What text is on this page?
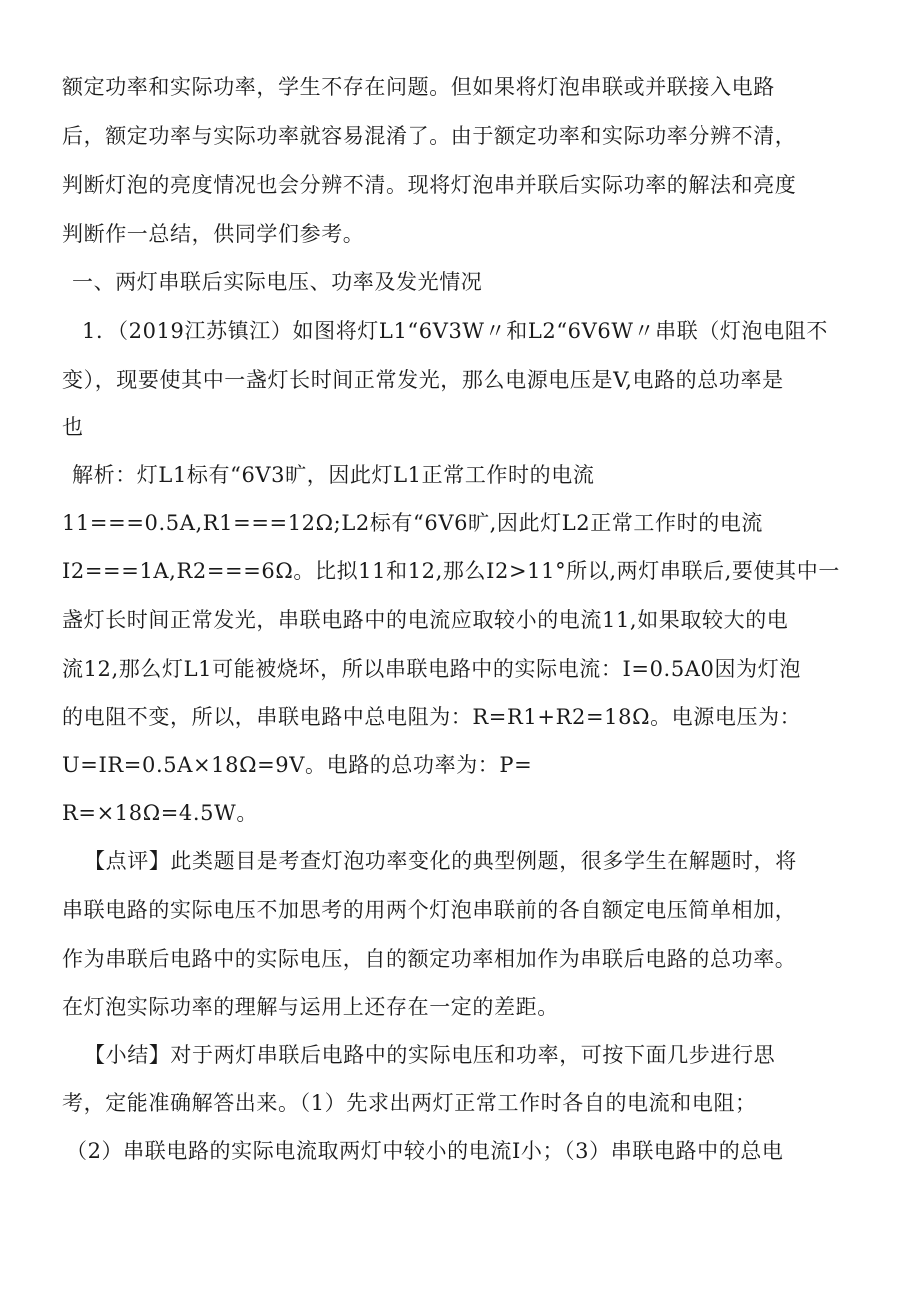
额定功率和实际功率，学生不存在问题。但如果将灯泡串联或并联接入电路
后，额定功率与实际功率就容易混淆了。由于额定功率和实际功率分辨不清，
判断灯泡的亮度情况也会分辨不清。现将灯泡串并联后实际功率的解法和亮度
判断作一总结，供同学们参考。
一、两灯串联后实际电压、功率及发光情况
1．（2019江苏镇江）如图将灯L1“6V3W〃和L2“6V6W〃串联（灯泡电阻不
变），现要使其中一盏灯长时间正常发光，那么电源电压是V,电路的总功率是
也
解析：灯L1标有“6V3旷，因此灯L1正常工作时的电流
11===0.5A,R1===12Ω;L2标有“6V6旷,因此灯L2正常工作时的电流
I2===1A,R2===6Ω。比拟11和12,那么I2>11°所以,两灯串联后,要使其中一
盏灯长时间正常发光，串联电路中的电流应取较小的电流11,如果取较大的电
流12,那么灯L1可能被烧坏，所以串联电路中的实际电流：I=0.5A0因为灯泡
的电阻不变，所以，串联电路中总电阻为：R=R1+R2=18Ω。电源电压为：
U=IR=0.5A×18Ω=9V。电路的总功率为：P=
R=×18Ω=4.5W。
【点评】此类题目是考查灯泡功率变化的典型例题，很多学生在解题时，将
串联电路的实际电压不加思考的用两个灯泡串联前的各自额定电压简单相加，
作为串联后电路中的实际电压，自的额定功率相加作为串联后电路的总功率。
在灯泡实际功率的理解与运用上还存在一定的差距。
【小结】对于两灯串联后电路中的实际电压和功率，可按下面几步进行思
考，定能准确解答出来。（1）先求出两灯正常工作时各自的电流和电阻；
（2）串联电路的实际电流取两灯中较小的电流I小；（3）串联电路中的总电
